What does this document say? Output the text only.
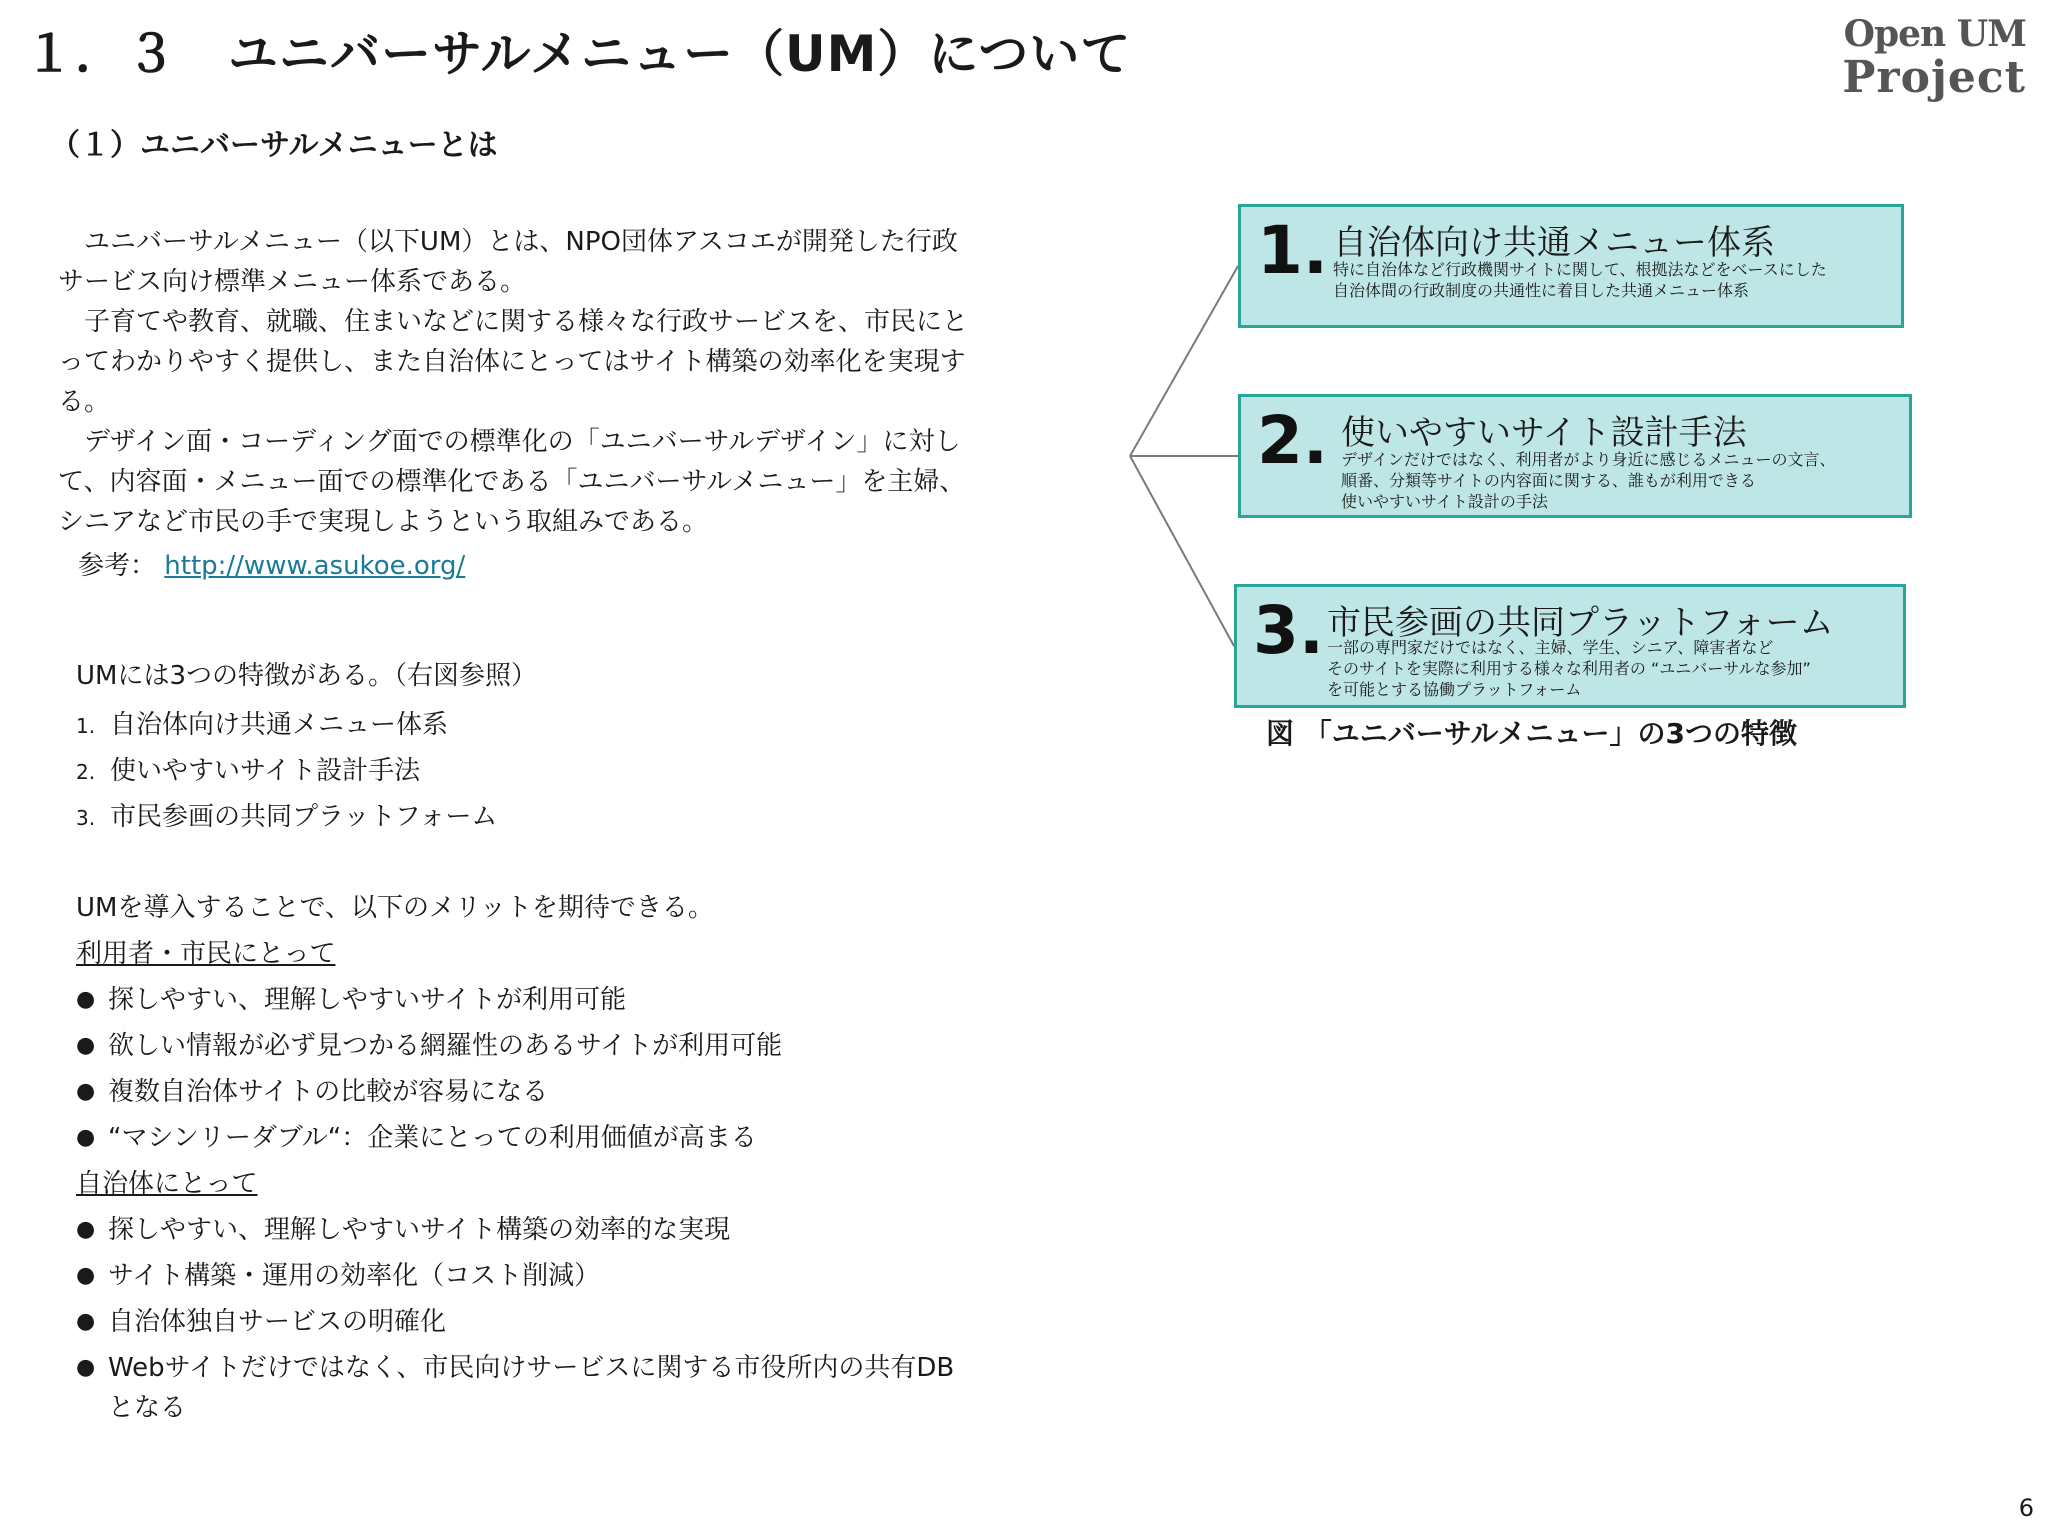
１．３　ユニバーサルメニュー（UM）について	Open UM
Project
（１）ユニバーサルメニューとは

ユニバーサルメニュー（以下UM）とは、NPO団体アスコエが開発した行政サービス向け標準メニュー体系である。

子育てや教育、就職、住まいなどに関する様々な行政サービスを、市民にとってわかりやすく提供し、また自治体にとってはサイト構築の効率化を実現する。

デザイン面・コーディング面での標準化の「ユニバーサルデザイン」に対して、内容面・メニュー面での標準化である「ユニバーサルメニュー」を主婦、シニアなど市民の手で実現しようという取組みである。

参考： http://www.asukoe.org/

UMには3つの特徴がある。（右図参照）

1. 自治体向け共通メニュー体系
2. 使いやすいサイト設計手法
3. 市民参画の共同プラットフォーム

UMを導入することで、以下のメリットを期待できる。

利用者・市民にとって

● 探しやすい、理解しやすいサイトが利用可能
● 欲しい情報が必ず見つかる網羅性のあるサイトが利用可能
● 複数自治体サイトの比較が容易になる
● “マシンリーダブル“：企業にとっての利用価値が高まる

自治体にとって

● 探しやすい、理解しやすいサイト構築の効率的な実現
● サイト構築・運用の効率化（コスト削減）
● 自治体独自サービスの明確化
● Webサイトだけではなく、市民向けサービスに関する市役所内の共有DBとなる
1. 自治体向け共通メニュー体系
特に自治体など行政機関サイトに関して、根拠法などをベースにした
自治体間の行政制度の共通性に着目した共通メニュー体系
2. 使いやすいサイト設計手法
デザインだけではなく、利用者がより身近に感じるメニューの文言、
順番、分類等サイトの内容面に関する、誰もが利用できる
使いやすいサイト設計の手法
3. 市民参画の共同プラットフォーム
一部の専門家だけではなく、主婦、学生、シニア、障害者など
そのサイトを実際に利用する様々な利用者の “ユニバーサルな参加”
を可能とする協働プラットフォーム
図 「ユニバーサルメニュー」の3つの特徴
6
